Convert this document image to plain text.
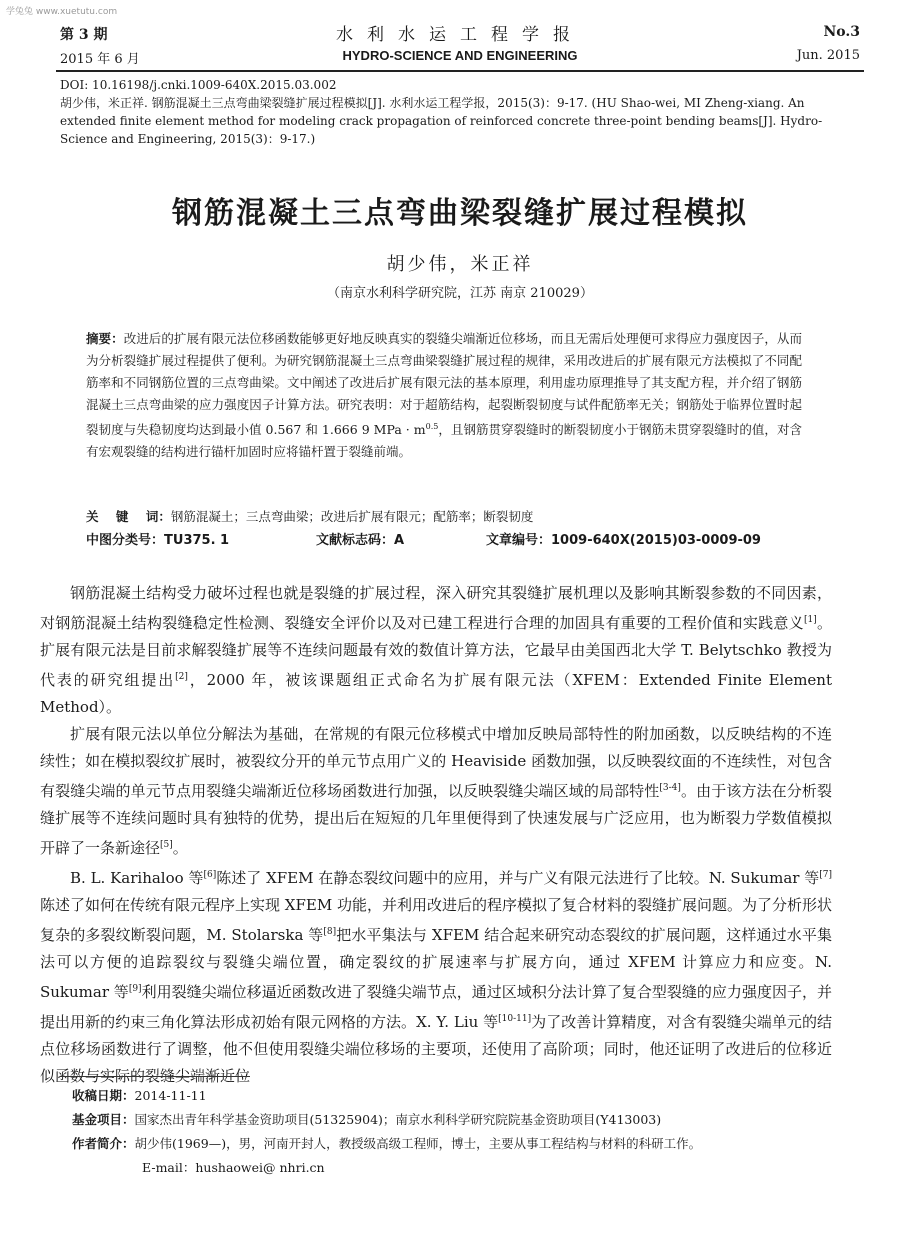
学兔兔 www.xuetutu.com
第 3 期
2015 年 6 月
水利水运工程学报
HYDRO-SCIENCE AND ENGINEERING
No.3
Jun. 2015
DOI: 10.16198/j.cnki.1009-640X.2015.03.002
胡少伟，米正祥. 钢筋混凝土三点弯曲梁裂缝扩展过程模拟[J]. 水利水运工程学报，2015(3)：9-17. (HU Shao-wei, MI Zheng-xiang. An extended finite element method for modeling crack propagation of reinforced concrete three-point bending beams[J]. Hydro-Science and Engineering, 2015(3)：9-17.)
钢筋混凝土三点弯曲梁裂缝扩展过程模拟
胡少伟，米正祥
（南京水利科学研究院，江苏 南京 210029）
摘要：改进后的扩展有限元法位移函数能够更好地反映真实的裂缝尖端渐近位移场，而且无需后处理便可求得应力强度因子，从而为分析裂缝扩展过程提供了便利。为研究钢筋混凝土三点弯曲梁裂缝扩展过程的规律，采用改进后的扩展有限元方法模拟了不同配筋率和不同钢筋位置的三点弯曲梁。文中阐述了改进后扩展有限元法的基本原理，利用虚功原理推导了其支配方程，并介绍了钢筋混凝土三点弯曲梁的应力强度因子计算方法。研究表明：对于超筋结构，起裂断裂韧度与试件配筋率无关；钢筋处于临界位置时起裂韧度与失稳韧度均达到最小值 0.567 和 1.666 9 MPa · $m^{0.5}$，且钢筋贯穿裂缝时的断裂韧度小于钢筋未贯穿裂缝时的值，对含有宏观裂缝的结构进行锚杆加固时应将锚杆置于裂缝前端。
关    键    词：钢筋混凝土；三点弯曲梁；改进后扩展有限元；配筋率；断裂韧度
中图分类号：TU375. 1	文献标志码：A	文章编号：1009-640X(2015)03-0009-09

钢筋混凝土结构受力破坏过程也就是裂缝的扩展过程，深入研究其裂缝扩展机理以及影响其断裂参数的不同因素，对钢筋混凝土结构裂缝稳定性检测、裂缝安全评价以及对已建工程进行合理的加固具有重要的工程价值和实践意义[1]。扩展有限元法是目前求解裂缝扩展等不连续问题最有效的数值计算方法，它最早由美国西北大学 T. Belytschko 教授为代表的研究组提出[2]，2000 年，被该课题组正式命名为扩展有限元法（XFEM：Extended Finite Element Method）。

扩展有限元法以单位分解法为基础，在常规的有限元位移模式中增加反映局部特性的附加函数，以反映结构的不连续性；如在模拟裂纹扩展时，被裂纹分开的单元节点用广义的 Heaviside 函数加强，以反映裂纹面的不连续性，对包含有裂缝尖端的单元节点用裂缝尖端渐近位移场函数进行加强，以反映裂缝尖端区域的局部特性[3-4]。由于该方法在分析裂缝扩展等不连续问题时具有独特的优势，提出后在短短的几年里便得到了快速发展与广泛应用，也为断裂力学数值模拟开辟了一条新途径[5]。

B. L. Karihaloo 等[6]陈述了 XFEM 在静态裂纹问题中的应用，并与广义有限元法进行了比较。N. Sukumar 等[7]陈述了如何在传统有限元程序上实现 XFEM 功能，并利用改进后的程序模拟了复合材料的裂缝扩展问题。为了分析形状复杂的多裂纹断裂问题，M. Stolarska 等[8]把水平集法与 XFEM 结合起来研究动态裂纹的扩展问题，这样通过水平集法可以方便的追踪裂纹与裂缝尖端位置，确定裂纹的扩展速率与扩展方向，通过 XFEM 计算应力和应变。N. Sukumar 等[9]利用裂缝尖端位移逼近函数改进了裂缝尖端节点，通过区域积分法计算了复合型裂缝的应力强度因子，并提出用新的约束三角化算法形成初始有限元网格的方法。X. Y. Liu 等[10-11]为了改善计算精度，对含有裂缝尖端单元的结点位移场函数进行了调整，他不但使用裂缝尖端位移场的主要项，还使用了高阶项；同时，他还证明了改进后的位移近似函数与实际的裂缝尖端渐近位

收稿日期：2014-11-11
基金项目：国家杰出青年科学基金资助项目(51325904)；南京水利科学研究院院基金资助项目(Y413003)
作者简介：胡少伟(1969—)，男，河南开封人，教授级高级工程师，博士，主要从事工程结构与材料的科研工作。
E-mail：hushaowei@ nhri.cn
